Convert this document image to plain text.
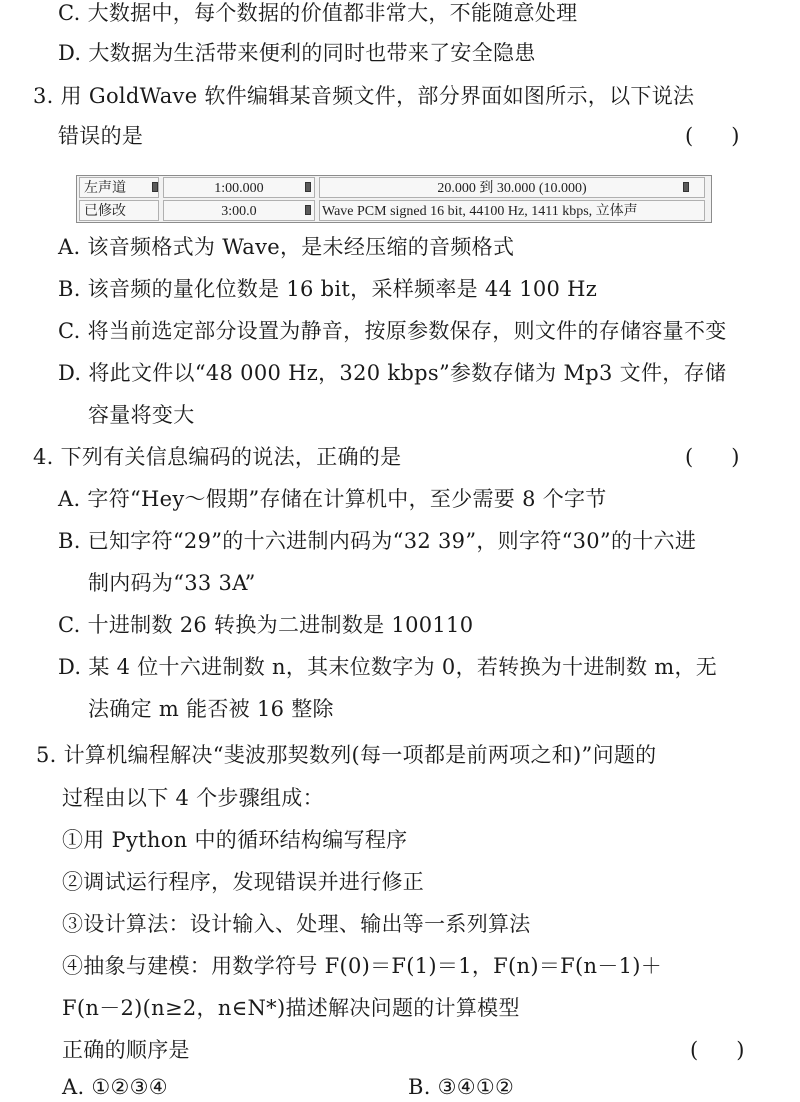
C. 大数据中，每个数据的价值都非常大，不能随意处理
D. 大数据为生活带来便利的同时也带来了安全隐患
3. 用 GoldWave 软件编辑某音频文件，部分界面如图所示，以下说法
错误的是	( )
左声道	1:00.000	20.000 到 30.000 (10.000)
已修改	3:00.0	Wave PCM signed 16 bit, 44100 Hz, 1411 kbps, 立体声
A. 该音频格式为 Wave，是未经压缩的音频格式
B. 该音频的量化位数是 16 bit，采样频率是 44 100 Hz
C. 将当前选定部分设置为静音，按原参数保存，则文件的存储容量不变
D. 将此文件以“48 000 Hz，320 kbps”参数存储为 Mp3 文件，存储
容量将变大
4. 下列有关信息编码的说法，正确的是	( )
A. 字符“Hey～假期”存储在计算机中，至少需要 8 个字节
B. 已知字符“29”的十六进制内码为“32 39”，则字符“30”的十六进
制内码为“33 3A”
C. 十进制数 26 转换为二进制数是 100110
D. 某 4 位十六进制数 n，其末位数字为 0，若转换为十进制数 m，无
法确定 m 能否被 16 整除
5. 计算机编程解决“斐波那契数列(每一项都是前两项之和)”问题的
过程由以下 4 个步骤组成：
①用 Python 中的循环结构编写程序
②调试运行程序，发现错误并进行修正
③设计算法：设计输入、处理、输出等一系列算法
④抽象与建模：用数学符号 F(0)＝F(1)＝1，F(n)＝F(n－1)＋
F(n－2)(n≥2，n∈N*)描述解决问题的计算模型
正确的顺序是	( )
A. ①②③④	B. ③④①②
